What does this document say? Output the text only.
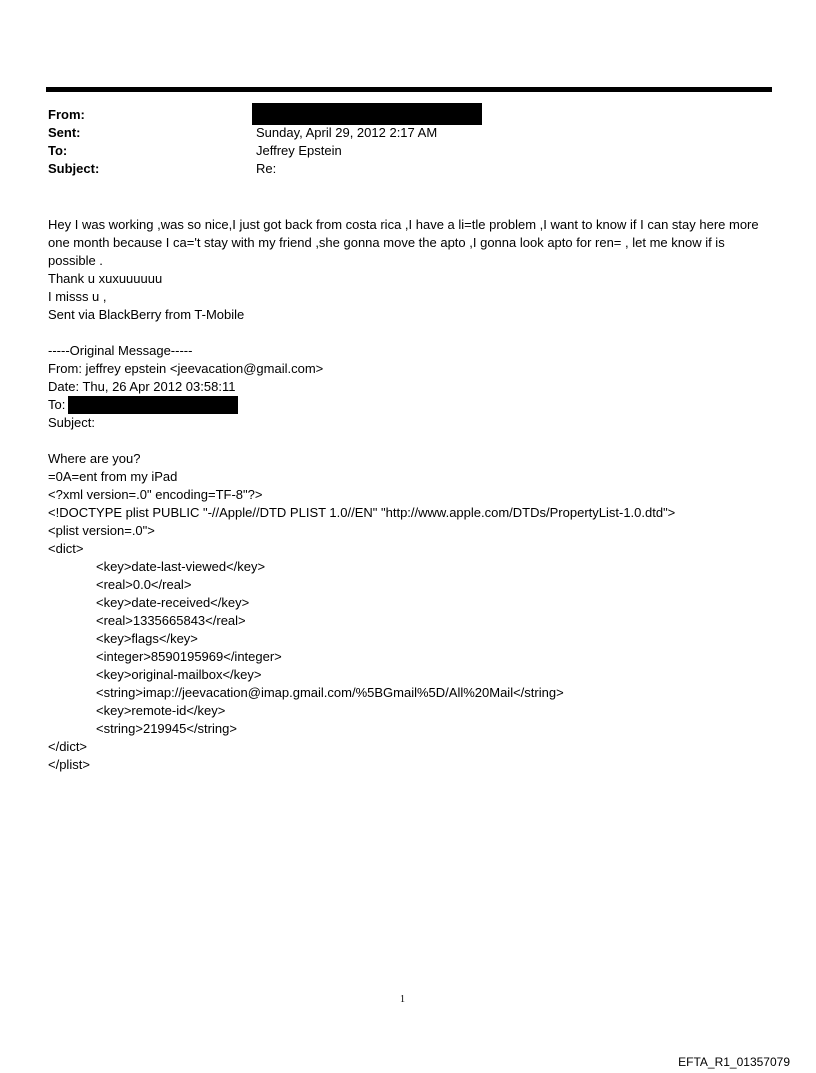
From:
Sent:	Sunday, April 29, 2012 2:17 AM
To:	Jeffrey Epstein
Subject:	Re:

Hey I was working ,was so nice,I just got back from costa rica ,I have a li=tle problem ,I want to know if I can stay here more one month because I ca='t stay with my friend ,she gonna move the apto ,I gonna look apto for ren= , let me know if is possible .

Thank u xuxuuuuuu
I misss u ,
Sent via BlackBerry from T-Mobile
-----Original Message-----
From: jeffrey epstein <jeevacation@gmail.com>
Date: Thu, 26 Apr 2012 03:58:11
To:
Subject:
Where are you?
=0A=ent from my iPad
<?xml version=.0" encoding=TF-8"?>
<!DOCTYPE plist PUBLIC "-//Apple//DTD PLIST 1.0//EN" "http://www.apple.com/DTDs/PropertyList-1.0.dtd">
<plist version=.0">
<dict>
<key>date-last-viewed</key>
<real>0.0</real>
<key>date-received</key>
<real>1335665843</real>
<key>flags</key>
<integer>8590195969</integer>
<key>original-mailbox</key>
<string>imap://jeevacation@imap.gmail.com/%5BGmail%5D/All%20Mail</string>
<key>remote-id</key>
<string>219945</string>
</dict>
</plist>
1
EFTA_R1_01357079
